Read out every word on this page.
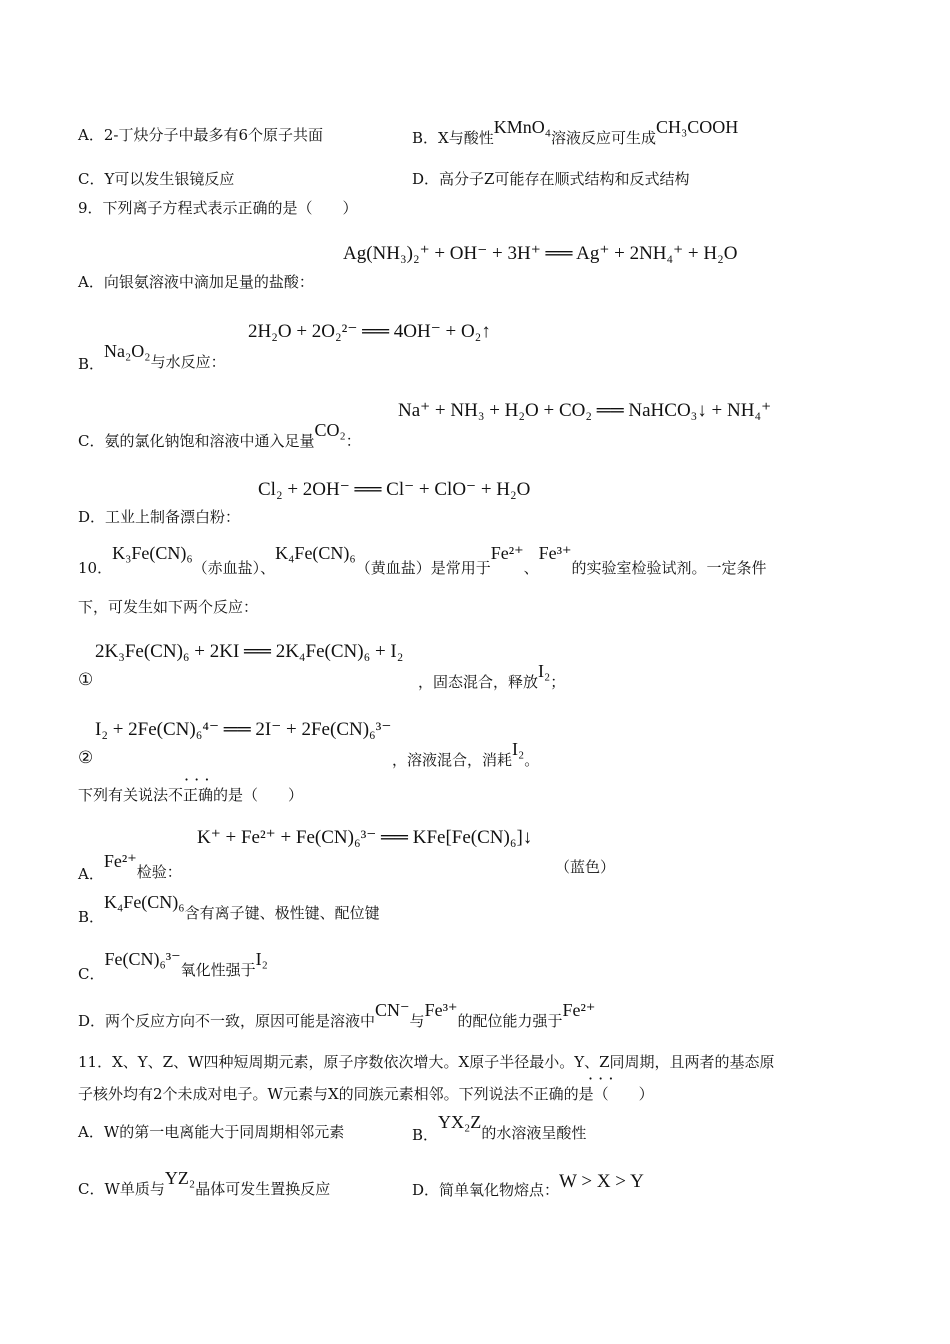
A．2-丁炔分子中最多有6个原子共面	B．X与酸性KMnO₄溶液反应可生成CH₃COOH
C．Y可以发生银镜反应	D．高分子Z可能存在顺式结构和反式结构
9．下列离子方程式表示正确的是（　　）
Ag(NH₃)₂⁺ + OH⁻ + 3H⁺ ══ Ag⁺ + 2NH₄⁺ + H₂O
A．向银氨溶液中滴加足量的盐酸：
2H₂O + 2O₂²⁻ ══ 4OH⁻ + O₂↑
B．Na₂O₂与水反应：
Na⁺ + NH₃ + H₂O + CO₂ ══ NaHCO₃↓ + NH₄⁺
C．氨的氯化钠饱和溶液中通入足量CO₂：
Cl₂ + 2OH⁻ ══ Cl⁻ + ClO⁻ + H₂O
D．工业上制备漂白粉：
10．K₃Fe(CN)₆（赤血盐）、K₄Fe(CN)₆（黄血盐）是常用于Fe²⁺、Fe³⁺的实验室检验试剂。一定条件
下，可发生如下两个反应：
2K₃Fe(CN)₆ + 2KI ══ 2K₄Fe(CN)₆ + I₂
①	，固态混合，释放I₂；
I₂ + 2Fe(CN)₆⁴⁻ ══ 2I⁻ + 2Fe(CN)₆³⁻
②	，溶液混合，消耗I₂。
· · ·
下列有关说法不正确的是（　　）
K⁺ + Fe²⁺ + Fe(CN)₆³⁻ ══ KFe[Fe(CN)₆]↓
A．Fe²⁺检验：	（蓝色）
B．K₄Fe(CN)₆含有离子键、极性键、配位键
C．Fe(CN)₆³⁻氧化性强于I₂
D．两个反应方向不一致，原因可能是溶液中CN⁻与Fe³⁺的配位能力强于Fe²⁺
11．X、Y、Z、W四种短周期元素，原子序数依次增大。X原子半径最小。Y、Z同周期，且两者的基态原
· · ·
子核外均有2个未成对电子。W元素与X的同族元素相邻。下列说法不正确的是（　　）
A．W的第一电离能大于同周期相邻元素	B．YX₂Z的水溶液呈酸性
C．W单质与YZ₂晶体可发生置换反应	D．简单氧化物熔点：W > X > Y
